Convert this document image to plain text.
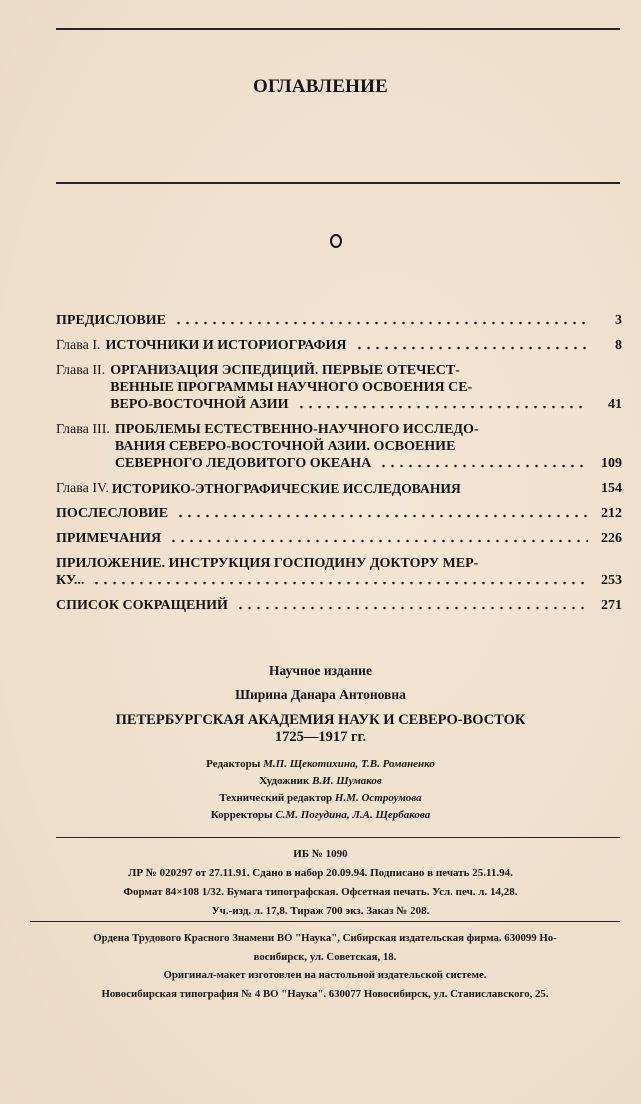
ОГЛАВЛЕНИЕ
ПРЕДИСЛОВИЕ	3
Глава I. ИСТОЧНИКИ И ИСТОРИОГРАФИЯ	8
Глава II. ОРГАНИЗАЦИЯ ЭСПЕДИЦИЙ. ПЕРВЫЕ ОТЕЧЕСТ-
ВЕННЫЕ ПРОГРАММЫ НАУЧНОГО ОСВОЕНИЯ СЕ-
ВЕРО-ВОСТОЧНОЙ АЗИИ	41
Глава III. ПРОБЛЕМЫ ЕСТЕСТВЕННО-НАУЧНОГО ИССЛЕДО-
ВАНИЯ СЕВЕРО-ВОСТОЧНОЙ АЗИИ. ОСВОЕНИЕ
СЕВЕРНОГО ЛЕДОВИТОГО ОКЕАНА	109
Глава IV. ИСТОРИКО-ЭТНОГРАФИЧЕСКИЕ ИССЛЕДОВАНИЯ	154
ПОСЛЕСЛОВИЕ	212
ПРИМЕЧАНИЯ	226
ПРИЛОЖЕНИЕ. ИНСТРУКЦИЯ ГОСПОДИНУ ДОКТОРУ МЕР-
КУ...	253
СПИСОК СОКРАЩЕНИЙ	271
Научное издание
Ширина Данара Антоновна
ПЕТЕРБУРГСКАЯ АКАДЕМИЯ НАУК И СЕВЕРО-ВОСТОК
1725—1917 гг.
Редакторы М.П. Щекотихина, Т.В. Романенко
Художник В.И. Шумаков
Технический редактор Н.М. Остроумова
Корректоры С.М. Погудина, Л.А. Щербакова
ИБ № 1090
ЛР № 020297 от 27.11.91. Сдано в набор 20.09.94. Подписано в печать 25.11.94.
Формат 84×108 1/32. Бумага типографская. Офсетная печать. Усл. печ. л. 14,28.
Уч.-изд. л. 17,8. Тираж 700 экз. Заказ № 208.
Ордена Трудового Красного Знамени ВО "Наука", Сибирская издательская фирма. 630099 Но-
восибирск, ул. Советская, 18.
Оригинал-макет изготовлен на настольной издательской системе.
Новосибирская типография № 4 ВО "Наука". 630077 Новосибирск, ул. Станиславского, 25.
